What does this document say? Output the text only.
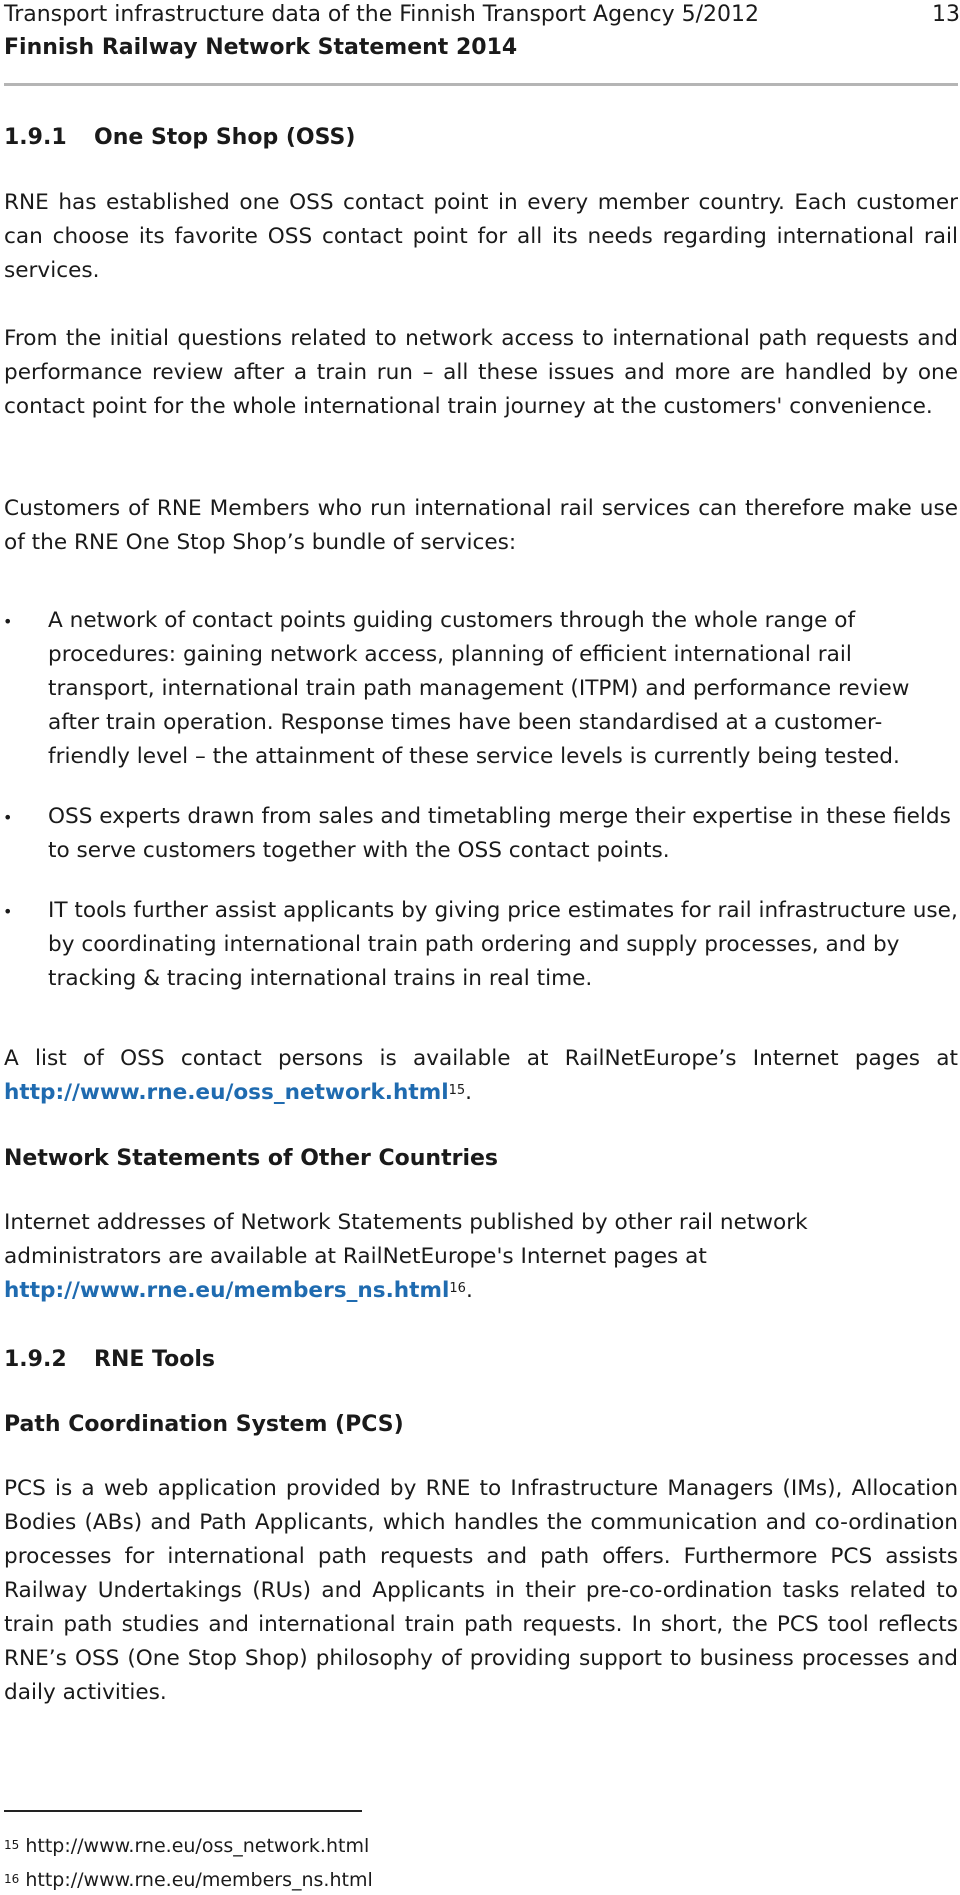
Transport infrastructure data of the Finnish Transport Agency 5/2012	13
Finnish Railway Network Statement 2014
1.9.1 One Stop Shop (OSS)

RNE has established one OSS contact point in every member country. Each customer can choose its favorite OSS contact point for all its needs regarding international rail services.

From the initial questions related to network access to international path requests and performance review after a train run – all these issues and more are handled by one contact point for the whole international train journey at the customers' convenience.

Customers of RNE Members who run international rail services can therefore make use of the RNE One Stop Shop’s bundle of services:

• A network of contact points guiding customers through the whole range of procedures: gaining network access, planning of efficient international rail transport, international train path management (ITPM) and performance review after train operation. Response times have been standardised at a customer-friendly level – the attainment of these service levels is currently being tested.

• OSS experts drawn from sales and timetabling merge their expertise in these fields to serve customers together with the OSS contact points.

• IT tools further assist applicants by giving price estimates for rail infrastructure use, by coordinating international train path ordering and supply processes, and by tracking & tracing international trains in real time.

A list of OSS contact persons is available at RailNetEurope’s Internet pages at http://www.rne.eu/oss_network.html$^{15}$.

Network Statements of Other Countries
Internet addresses of Network Statements published by other rail network
administrators are available at RailNetEurope's Internet pages at
http://www.rne.eu/members_ns.html$^{16}$.
1.9.2 RNE Tools
Path Coordination System (PCS)

PCS is a web application provided by RNE to Infrastructure Managers (IMs), Allocation Bodies (ABs) and Path Applicants, which handles the communication and co-ordination processes for international path requests and path offers. Furthermore PCS assists Railway Undertakings (RUs) and Applicants in their pre-co-ordination tasks related to train path studies and international train path requests. In short, the PCS tool reflects RNE’s OSS (One Stop Shop) philosophy of providing support to business processes and daily activities.

$^{15}$ http://www.rne.eu/oss_network.html
$^{16}$ http://www.rne.eu/members_ns.html
